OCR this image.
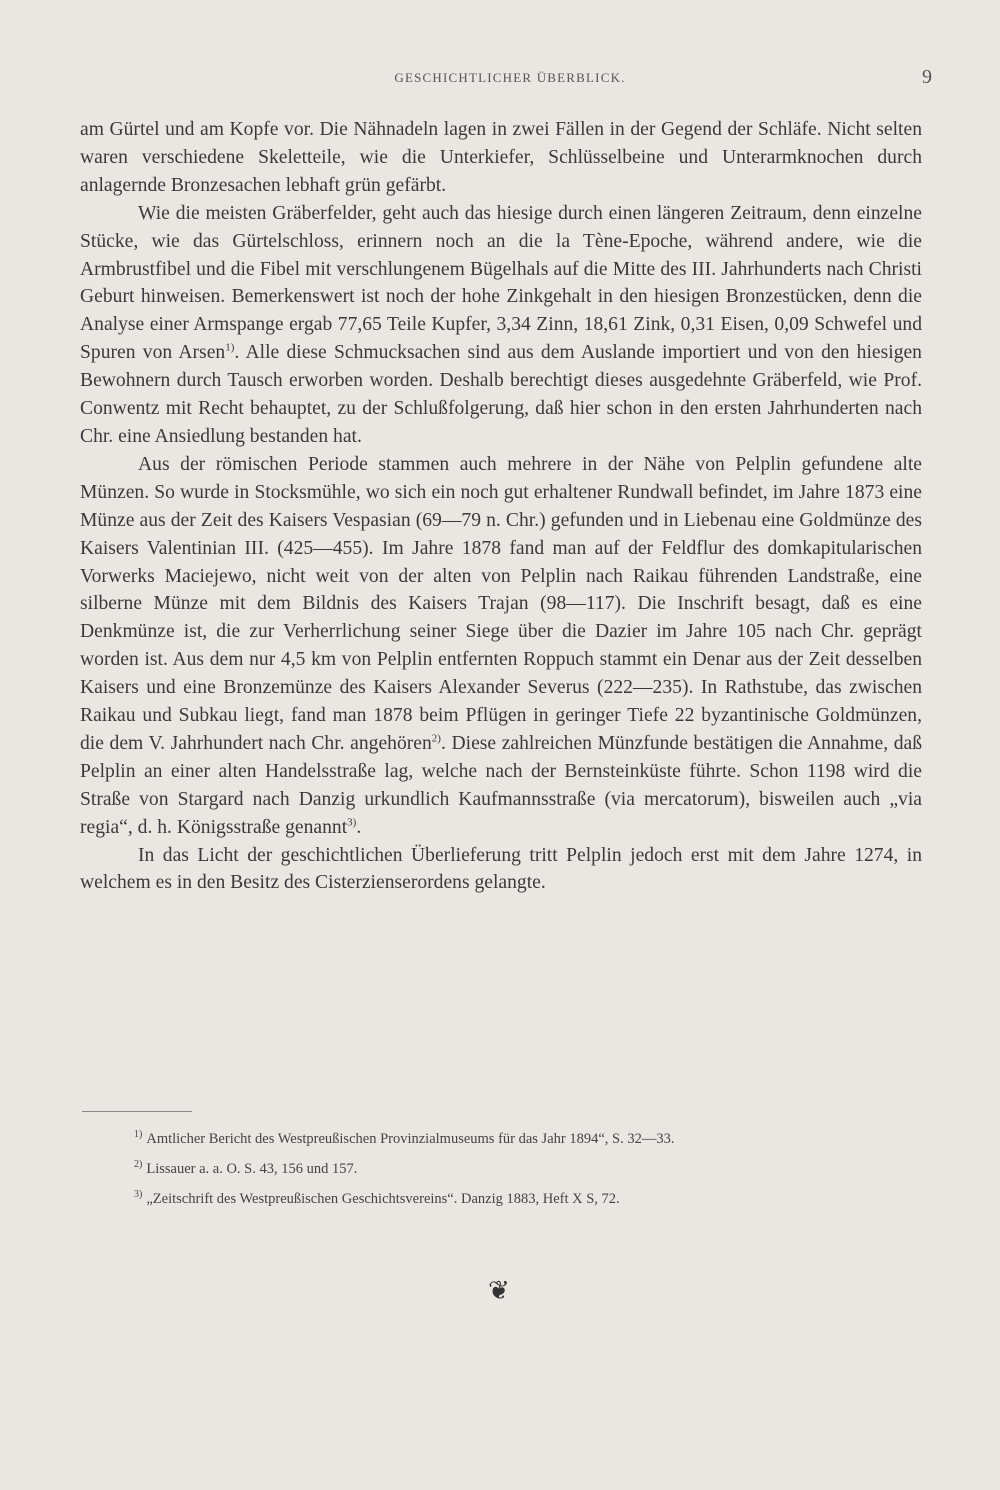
GESCHICHTLICHER ÜBERBLICK.	9

am Gürtel und am Kopfe vor. Die Nähnadeln lagen in zwei Fällen in der Gegend der Schläfe. Nicht selten waren verschiedene Skeletteile, wie die Unterkiefer, Schlüsselbeine und Unterarmknochen durch anlagernde Bronzesachen lebhaft grün gefärbt.

Wie die meisten Gräberfelder, geht auch das hiesige durch einen längeren Zeitraum, denn einzelne Stücke, wie das Gürtelschloss, erinnern noch an die la Tène-Epoche, während andere, wie die Armbrustfibel und die Fibel mit verschlungenem Bügelhals auf die Mitte des III. Jahrhunderts nach Christi Geburt hinweisen. Bemerkenswert ist noch der hohe Zinkgehalt in den hiesigen Bronzestücken, denn die Analyse einer Armspange ergab 77,65 Teile Kupfer, 3,34 Zinn, 18,61 Zink, 0,31 Eisen, 0,09 Schwefel und Spuren von Arsen$^{1)}$. Alle diese Schmucksachen sind aus dem Auslande importiert und von den hiesigen Bewohnern durch Tausch erworben worden. Deshalb berechtigt dieses ausgedehnte Gräberfeld, wie Prof. Conwentz mit Recht behauptet, zu der Schlußfolgerung, daß hier schon in den ersten Jahrhunderten nach Chr. eine Ansiedlung bestanden hat.

Aus der römischen Periode stammen auch mehrere in der Nähe von Pelplin gefundene alte Münzen. So wurde in Stocksmühle, wo sich ein noch gut erhaltener Rundwall befindet, im Jahre 1873 eine Münze aus der Zeit des Kaisers Vespasian (69—79 n. Chr.) gefunden und in Liebenau eine Goldmünze des Kaisers Valentinian III. (425—455). Im Jahre 1878 fand man auf der Feldflur des domkapitularischen Vorwerks Maciejewo, nicht weit von der alten von Pelplin nach Raikau führenden Landstraße, eine silberne Münze mit dem Bildnis des Kaisers Trajan (98—117). Die Inschrift besagt, daß es eine Denkmünze ist, die zur Verherrlichung seiner Siege über die Dazier im Jahre 105 nach Chr. geprägt worden ist. Aus dem nur 4,5 km von Pelplin entfernten Roppuch stammt ein Denar aus der Zeit desselben Kaisers und eine Bronzemünze des Kaisers Alexander Severus (222—235). In Rathstube, das zwischen Raikau und Subkau liegt, fand man 1878 beim Pflügen in geringer Tiefe 22 byzantinische Goldmünzen, die dem V. Jahrhundert nach Chr. angehören$^{2)}$. Diese zahlreichen Münzfunde bestätigen die Annahme, daß Pelplin an einer alten Handelsstraße lag, welche nach der Bernsteinküste führte. Schon 1198 wird die Straße von Stargard nach Danzig urkundlich Kaufmannsstraße (via mercatorum), bisweilen auch „via regia“, d. h. Königsstraße genannt$^{3)}$.

In das Licht der geschichtlichen Überlieferung tritt Pelplin jedoch erst mit dem Jahre 1274, in welchem es in den Besitz des Cisterzienserordens gelangte.

$^{1)}$ Amtlicher Bericht des Westpreußischen Provinzialmuseums für das Jahr 1894“, S. 32—33.
$^{2)}$ Lissauer a. a. O. S. 43, 156 und 157.
$^{3)}$ „Zeitschrift des Westpreußischen Geschichtsvereins“. Danzig 1883, Heft X S, 72.
❦
